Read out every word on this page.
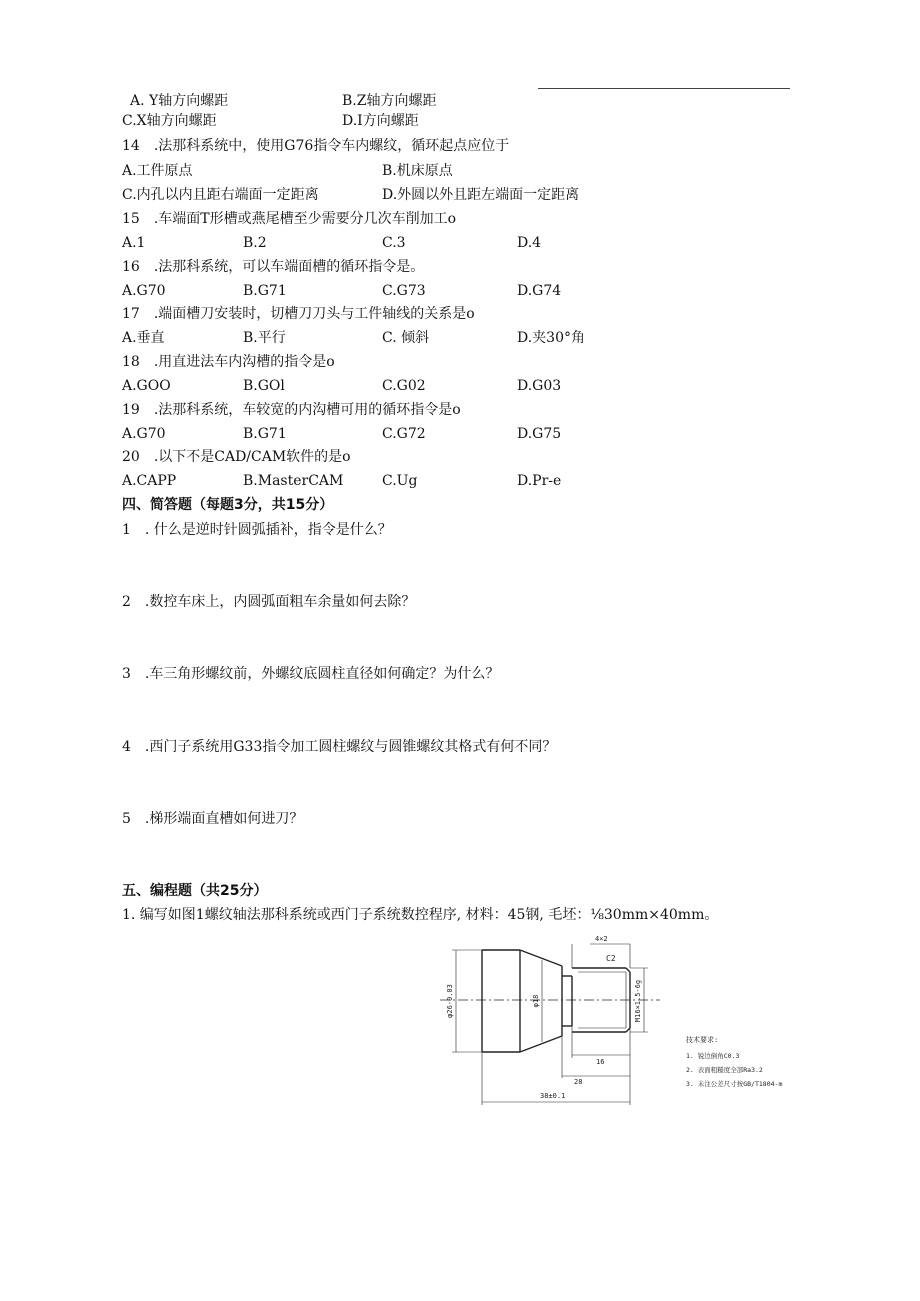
A. Y轴方向螺距	B.Z轴方向螺距
C.X轴方向螺距	D.I方向螺距
14　.法那科系统中，使用G76指令车内螺纹，循环起点应位于
A.工件原点	B.机床原点
C.内孔以内且距右端面一定距离	D.外圆以外且距左端面一定距离
15　.车端面T形槽或燕尾槽至少需要分几次车削加工o
A.1	B.2	C.3	D.4
16　.法那科系统，可以车端面槽的循环指令是。
A.G70	B.G71	C.G73	D.G74
17　.端面槽刀安装时，切槽刀刀头与工件轴线的关系是o
A.垂直	B.平行	C. 倾斜	D.夹30°角
18　.用直进法车内沟槽的指令是o
A.GOO	B.GOl	C.G02	D.G03
19　.法那科系统，车较宽的内沟槽可用的循环指令是o
A.G70	B.G71	C.G72	D.G75
20　.以下不是CAD/CAM软件的是o
A.CAPP	B.MasterCAM	C.Ug	D.Pr-e
四、简答题（每题3分，共15分）
1　. 什么是逆时针圆弧插补，指令是什么？
2　.数控车床上，内圆弧面粗车余量如何去除？
3　.车三角形螺纹前，外螺纹底圆柱直径如何确定？为什么？
4　.西门子系统用G33指令加工圆柱螺纹与圆锥螺纹其格式有何不同？
5　.梯形端面直槽如何进刀？
五、编程题（共25分）
1. 编写如图1螺纹轴法那科系统或西门子系统数控程序, 材料：45钢, 毛坯：⅛30mm×40mm。
4×2
C2
φ26-0.03	φ18	M16×1.5-6g
16
28
38±0.1
技术要求:
1. 锐边倒角C0.3
2. 表面粗糙度全部Ra3.2
3. 未注公差尺寸按GB/T1804-m
